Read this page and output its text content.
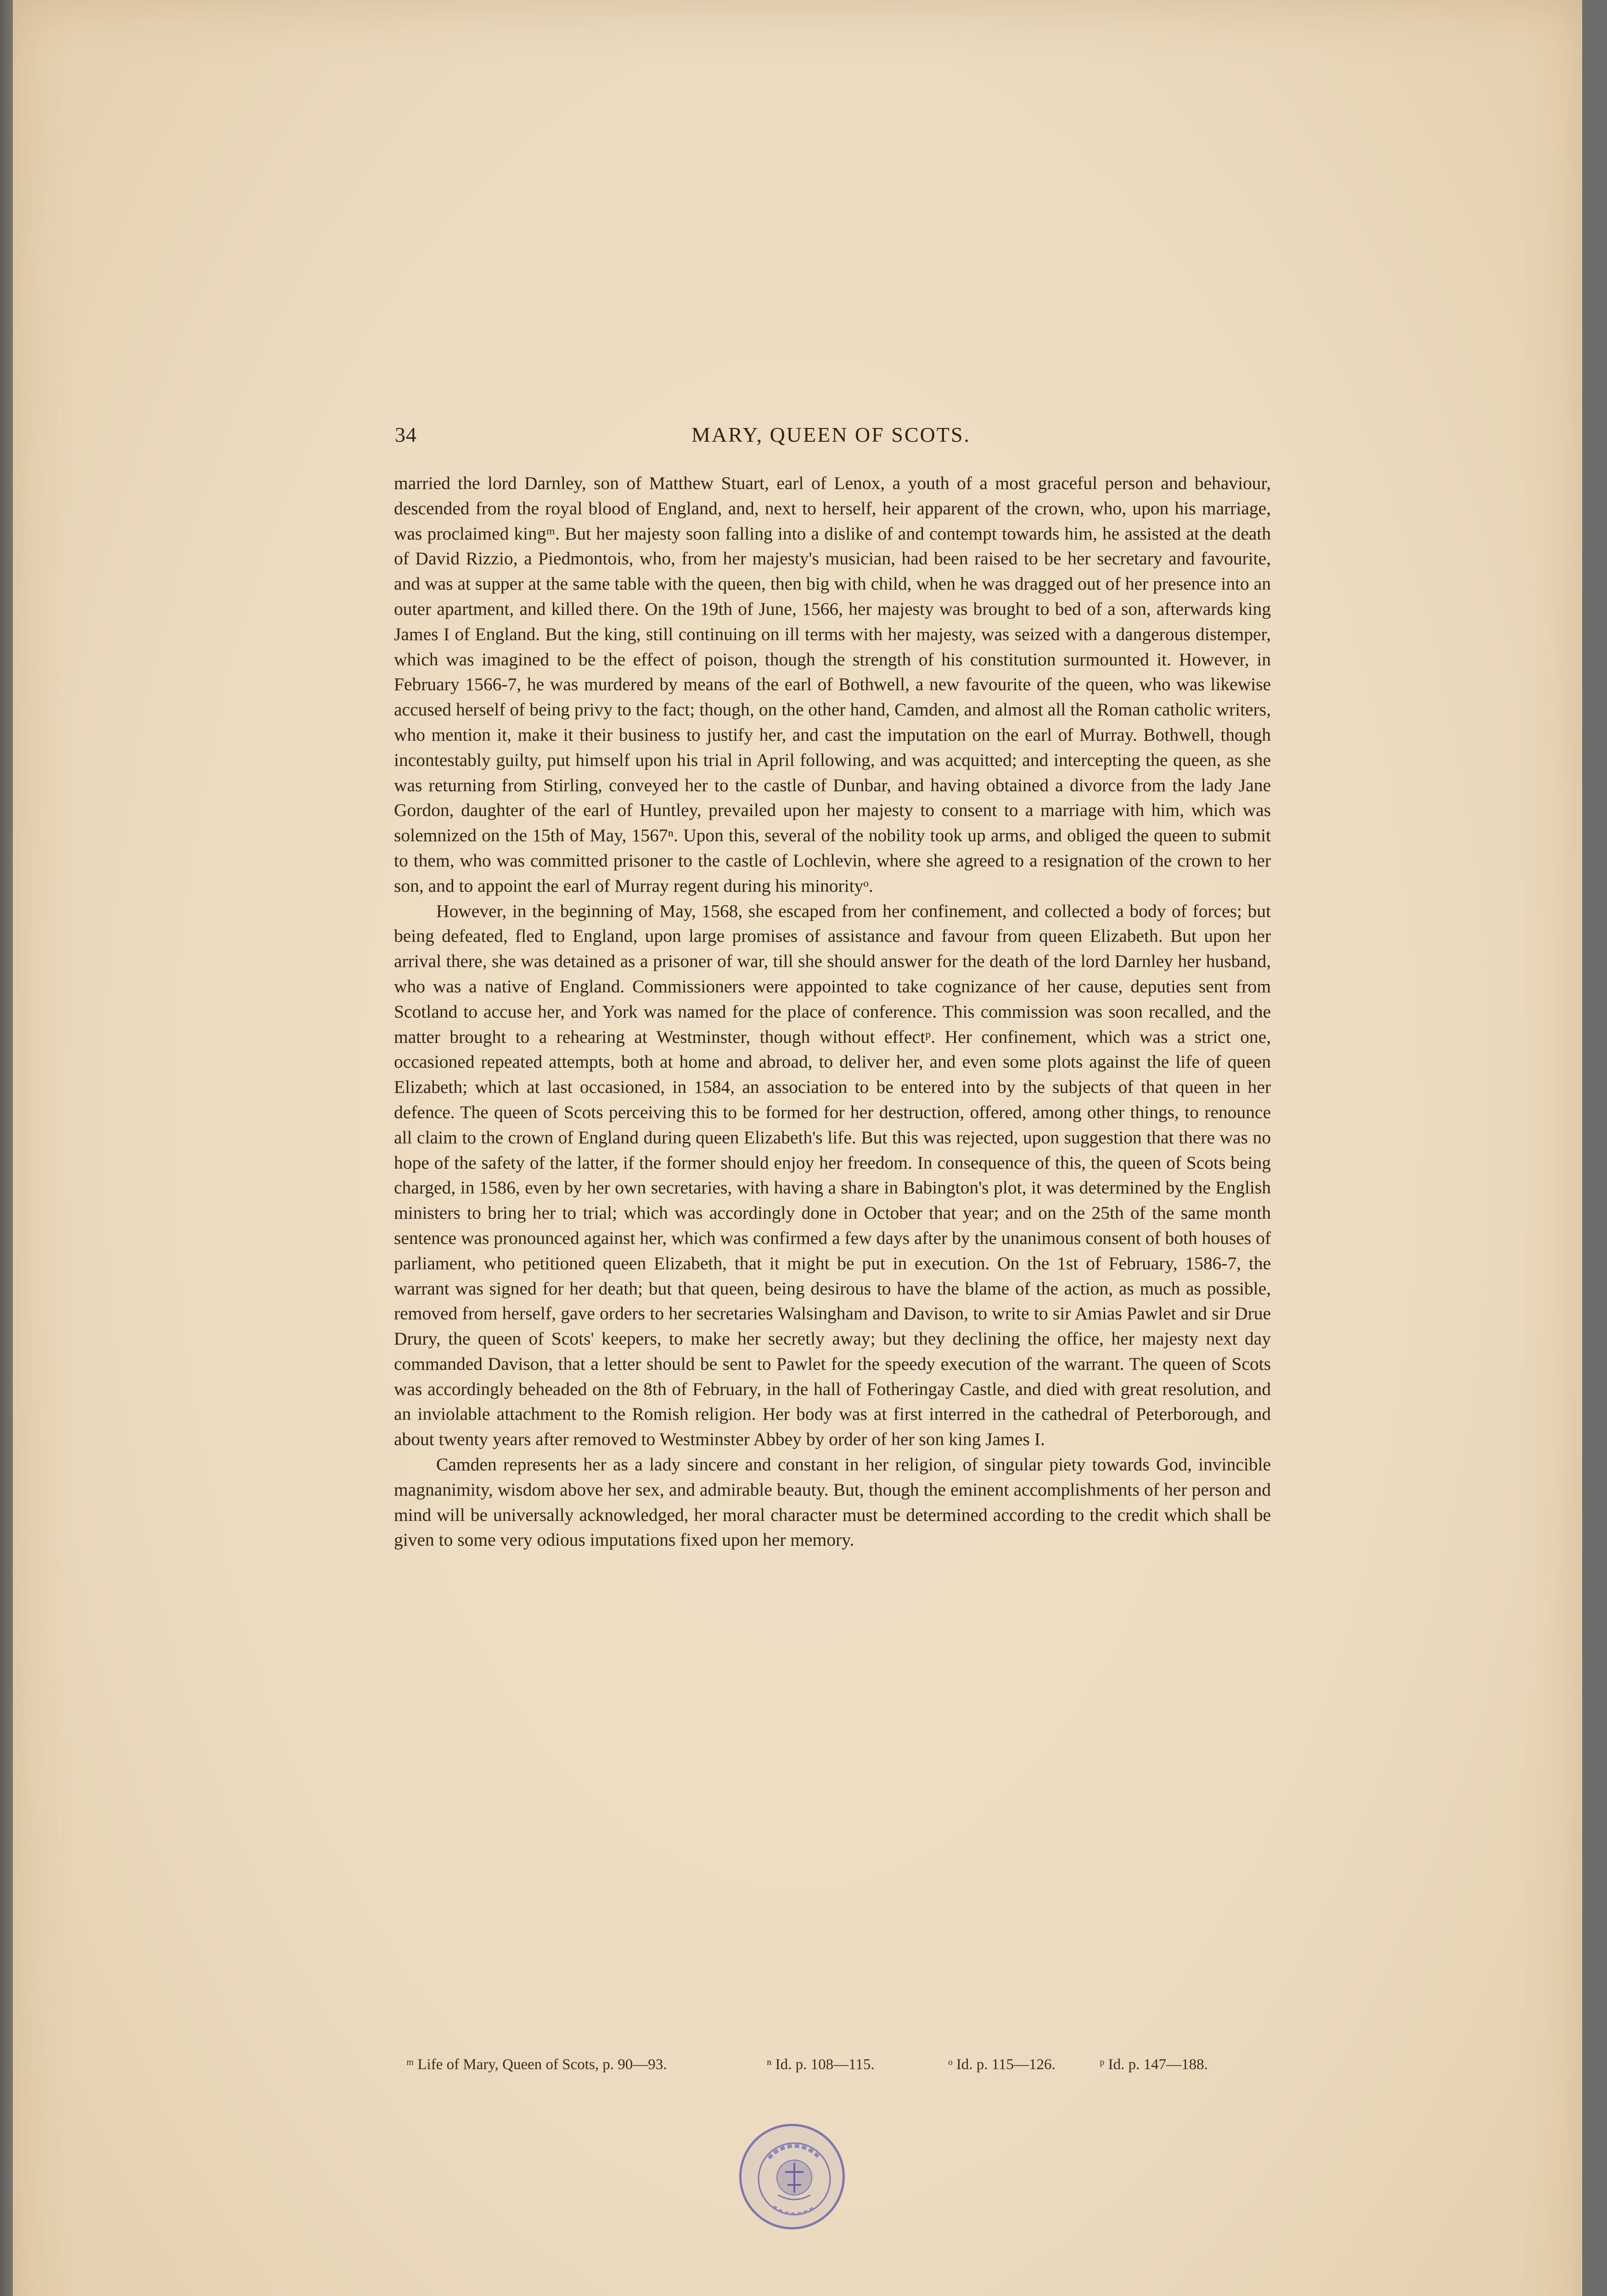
34	MARY, QUEEN OF SCOTS.

married the lord Darnley, son of Matthew Stuart, earl of Lenox, a youth of a most graceful person and behaviour, descended from the royal blood of England, and, next to herself, heir apparent of the crown, who, upon his marriage, was proclaimed kingᵐ. But her majesty soon falling into a dislike of and contempt towards him, he assisted at the death of David Rizzio, a Piedmontois, who, from her majesty's musician, had been raised to be her secretary and favourite, and was at supper at the same table with the queen, then big with child, when he was dragged out of her presence into an outer apartment, and killed there. On the 19th of June, 1566, her majesty was brought to bed of a son, afterwards king James I of England. But the king, still continuing on ill terms with her majesty, was seized with a dangerous distemper, which was imagined to be the effect of poison, though the strength of his constitution surmounted it. However, in February 1566-7, he was murdered by means of the earl of Bothwell, a new favourite of the queen, who was likewise accused herself of being privy to the fact; though, on the other hand, Camden, and almost all the Roman catholic writers, who mention it, make it their business to justify her, and cast the imputation on the earl of Murray. Bothwell, though incontestably guilty, put himself upon his trial in April following, and was acquitted; and intercepting the queen, as she was returning from Stirling, conveyed her to the castle of Dunbar, and having obtained a divorce from the lady Jane Gordon, daughter of the earl of Huntley, prevailed upon her majesty to consent to a marriage with him, which was solemnized on the 15th of May, 1567ⁿ. Upon this, several of the nobility took up arms, and obliged the queen to submit to them, who was committed prisoner to the castle of Lochlevin, where she agreed to a resignation of the crown to her son, and to appoint the earl of Murray regent during his minorityᵒ.

However, in the beginning of May, 1568, she escaped from her confinement, and collected a body of forces; but being defeated, fled to England, upon large promises of assistance and favour from queen Elizabeth. But upon her arrival there, she was detained as a prisoner of war, till she should answer for the death of the lord Darnley her husband, who was a native of England. Commissioners were appointed to take cognizance of her cause, deputies sent from Scotland to accuse her, and York was named for the place of conference. This commission was soon recalled, and the matter brought to a rehearing at Westminster, though without effectᵖ. Her confinement, which was a strict one, occasioned repeated attempts, both at home and abroad, to deliver her, and even some plots against the life of queen Elizabeth; which at last occasioned, in 1584, an association to be entered into by the subjects of that queen in her defence. The queen of Scots perceiving this to be formed for her destruction, offered, among other things, to renounce all claim to the crown of England during queen Elizabeth's life. But this was rejected, upon suggestion that there was no hope of the safety of the latter, if the former should enjoy her freedom. In consequence of this, the queen of Scots being charged, in 1586, even by her own secretaries, with having a share in Babington's plot, it was determined by the English ministers to bring her to trial; which was accordingly done in October that year; and on the 25th of the same month sentence was pronounced against her, which was confirmed a few days after by the unanimous consent of both houses of parliament, who petitioned queen Elizabeth, that it might be put in execution. On the 1st of February, 1586-7, the warrant was signed for her death; but that queen, being desirous to have the blame of the action, as much as possible, removed from herself, gave orders to her secretaries Walsingham and Davison, to write to sir Amias Pawlet and sir Drue Drury, the queen of Scots' keepers, to make her secretly away; but they declining the office, her majesty next day commanded Davison, that a letter should be sent to Pawlet for the speedy execution of the warrant. The queen of Scots was accordingly beheaded on the 8th of February, in the hall of Fotheringay Castle, and died with great resolution, and an inviolable attachment to the Romish religion. Her body was at first interred in the cathedral of Peterborough, and about twenty years after removed to Westminster Abbey by order of her son king James I.

Camden represents her as a lady sincere and constant in her religion, of singular piety towards God, invincible magnanimity, wisdom above her sex, and admirable beauty. But, though the eminent accomplishments of her person and mind will be universally acknowledged, her moral character must be determined according to the credit which shall be given to some very odious imputations fixed upon her memory.

ᵐ Life of Mary, Queen of Scots, p. 90—93.	ⁿ Id. p. 108—115.	ᵒ Id. p. 115—126.	ᵖ Id. p. 147—188.
